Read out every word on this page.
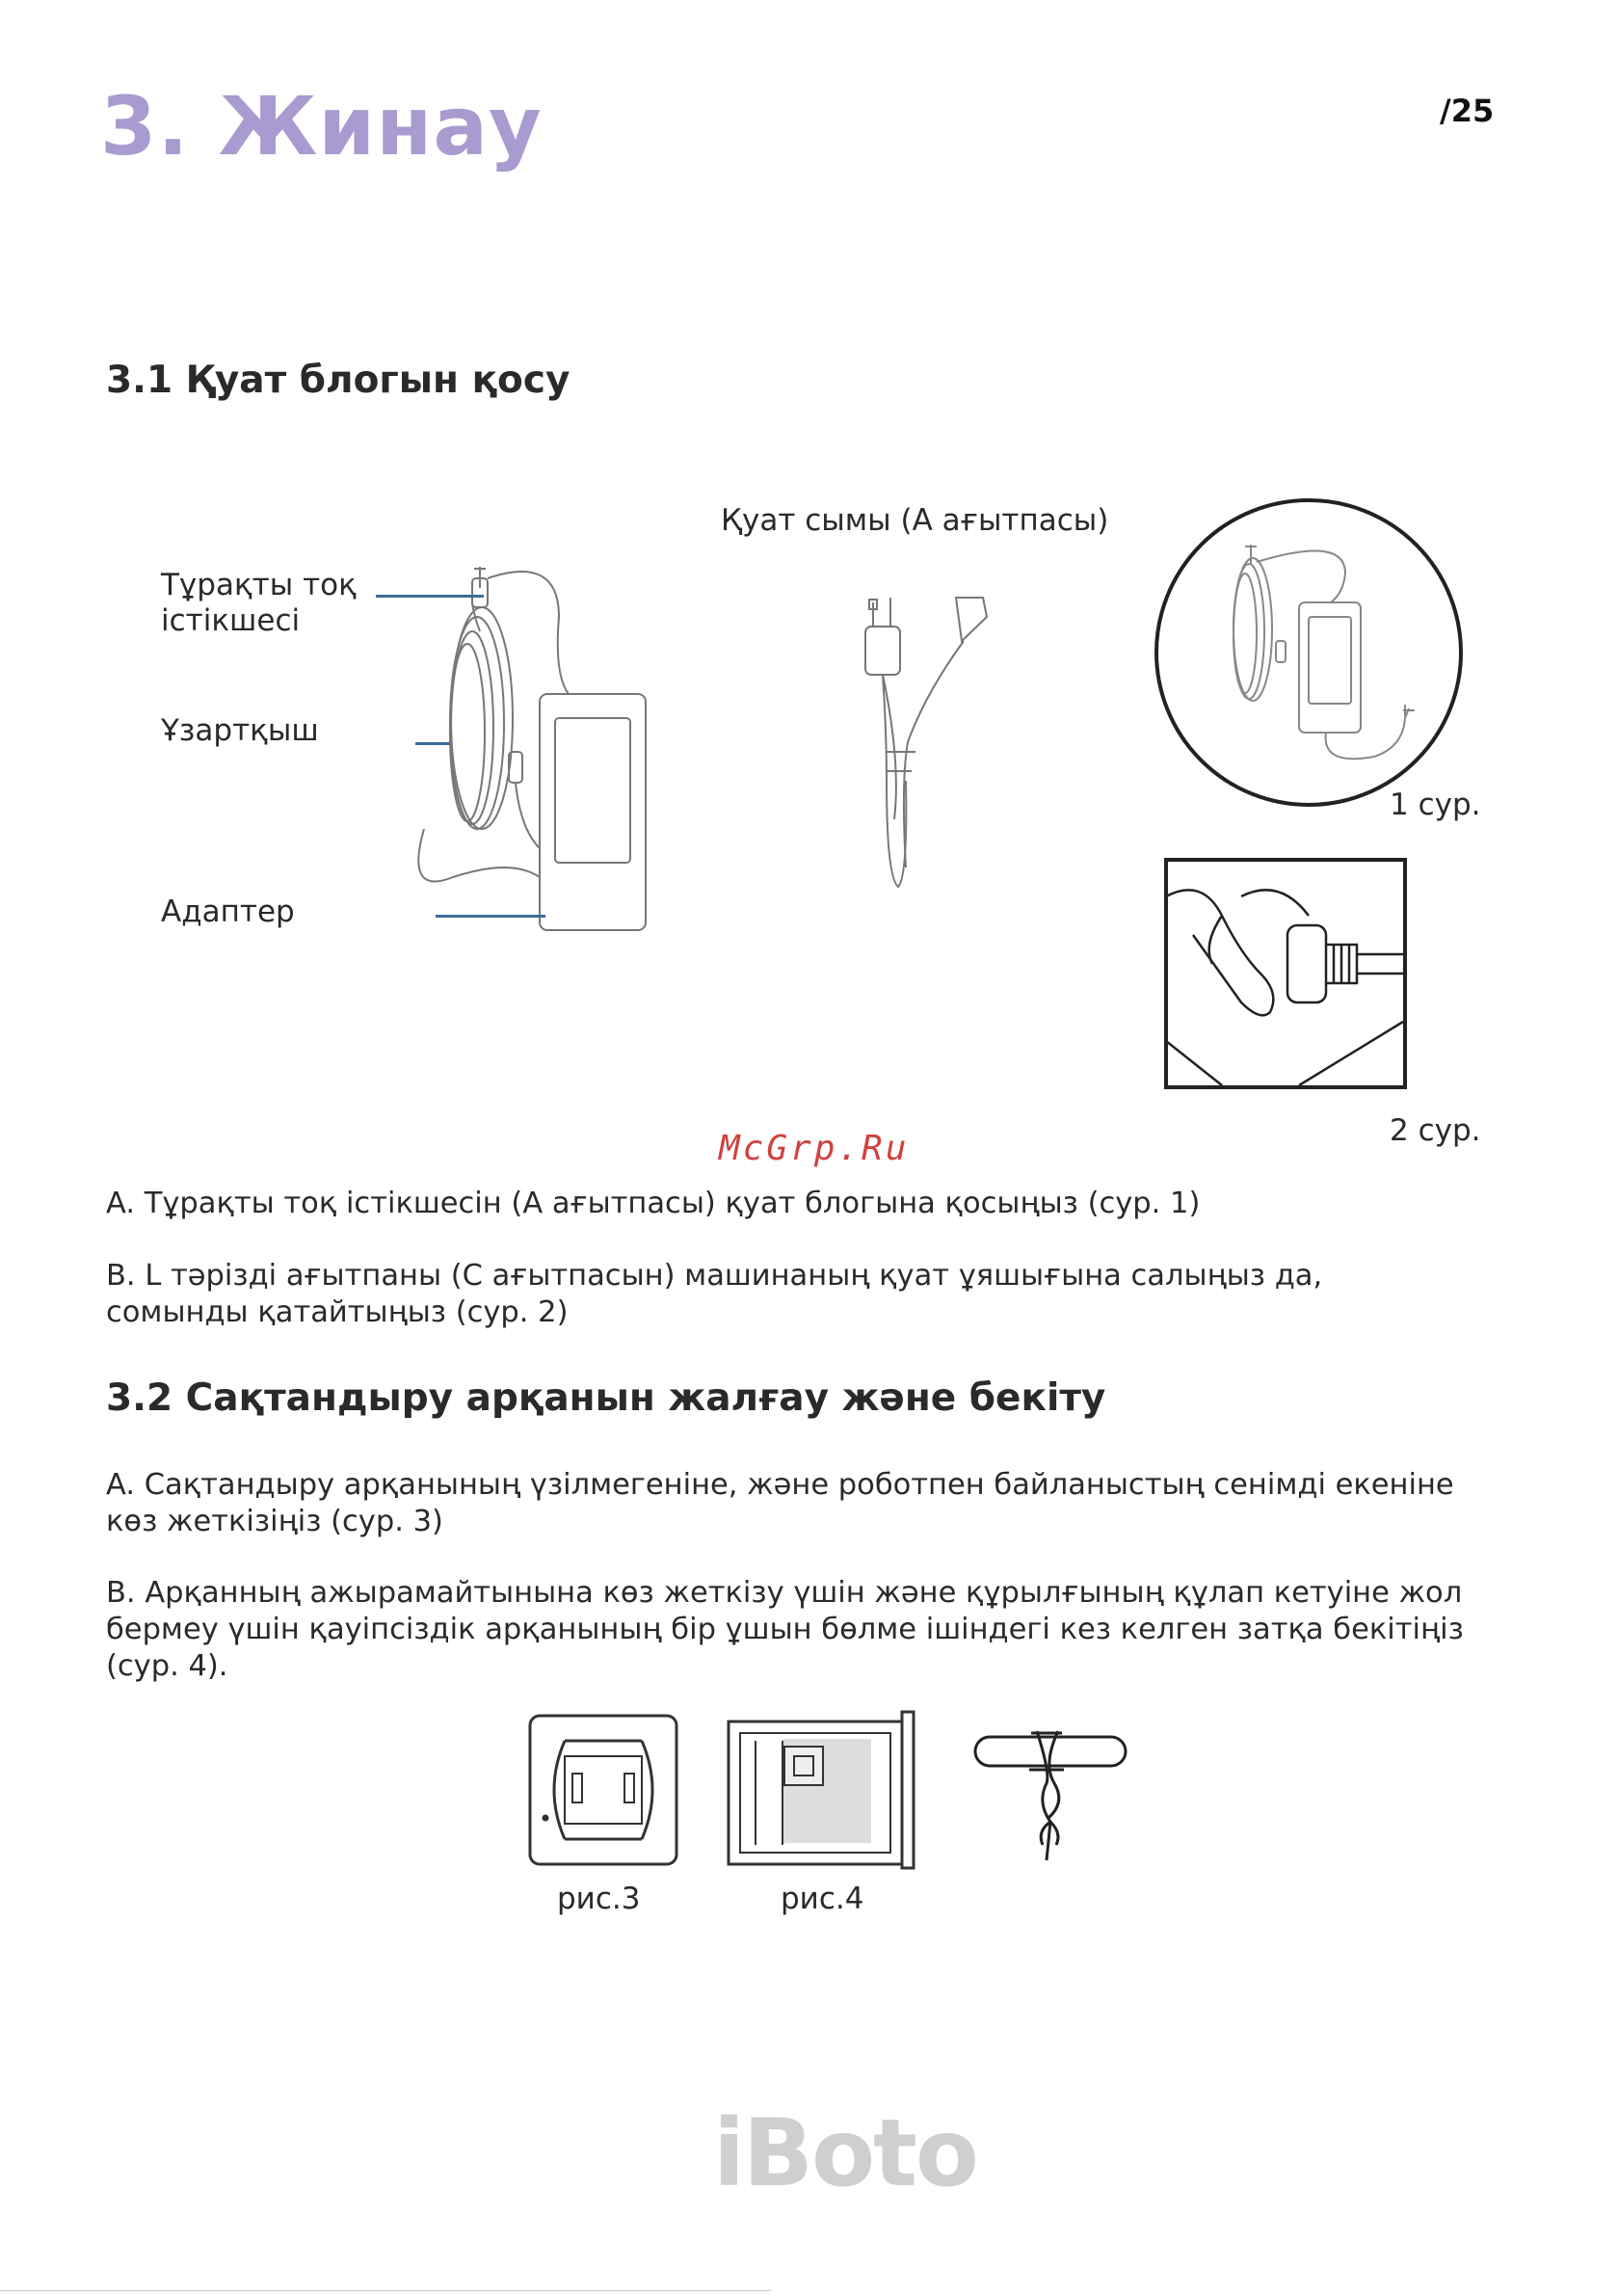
3. Жинау	/25
3.1 Қуат блогын қосу
Тұрақты тоқ
істікшесі
Ұзартқыш
Адаптер
Қуат сымы (А ағытпасы)
1 сур.
2 сур.
McGrp.Ru
A. Тұрақты тоқ істікшесін (А ағытпасы) қуат блогына қосыңыз (сур. 1)
B. L тәрізді ағытпаны (С ағытпасын) машинаның қуат ұяшығына салыңыз да, сомынды қатайтыңыз (сур. 2)
3.2 Сақтандыру арқанын жалғау және бекіту
A. Сақтандыру арқанының үзілмегеніне, және роботпен байланыстың сенімді екеніне көз жеткізіңіз (сур. 3)
B. Арқанның ажырамайтынына көз жеткізу үшін және құрылғының құлап кетуіне жол бермеу үшін қауіпсіздік арқанының бір ұшын бөлме ішіндегі кез келген затқа бекітіңіз (сур. 4).
рис.3	рис.4
iBoto
